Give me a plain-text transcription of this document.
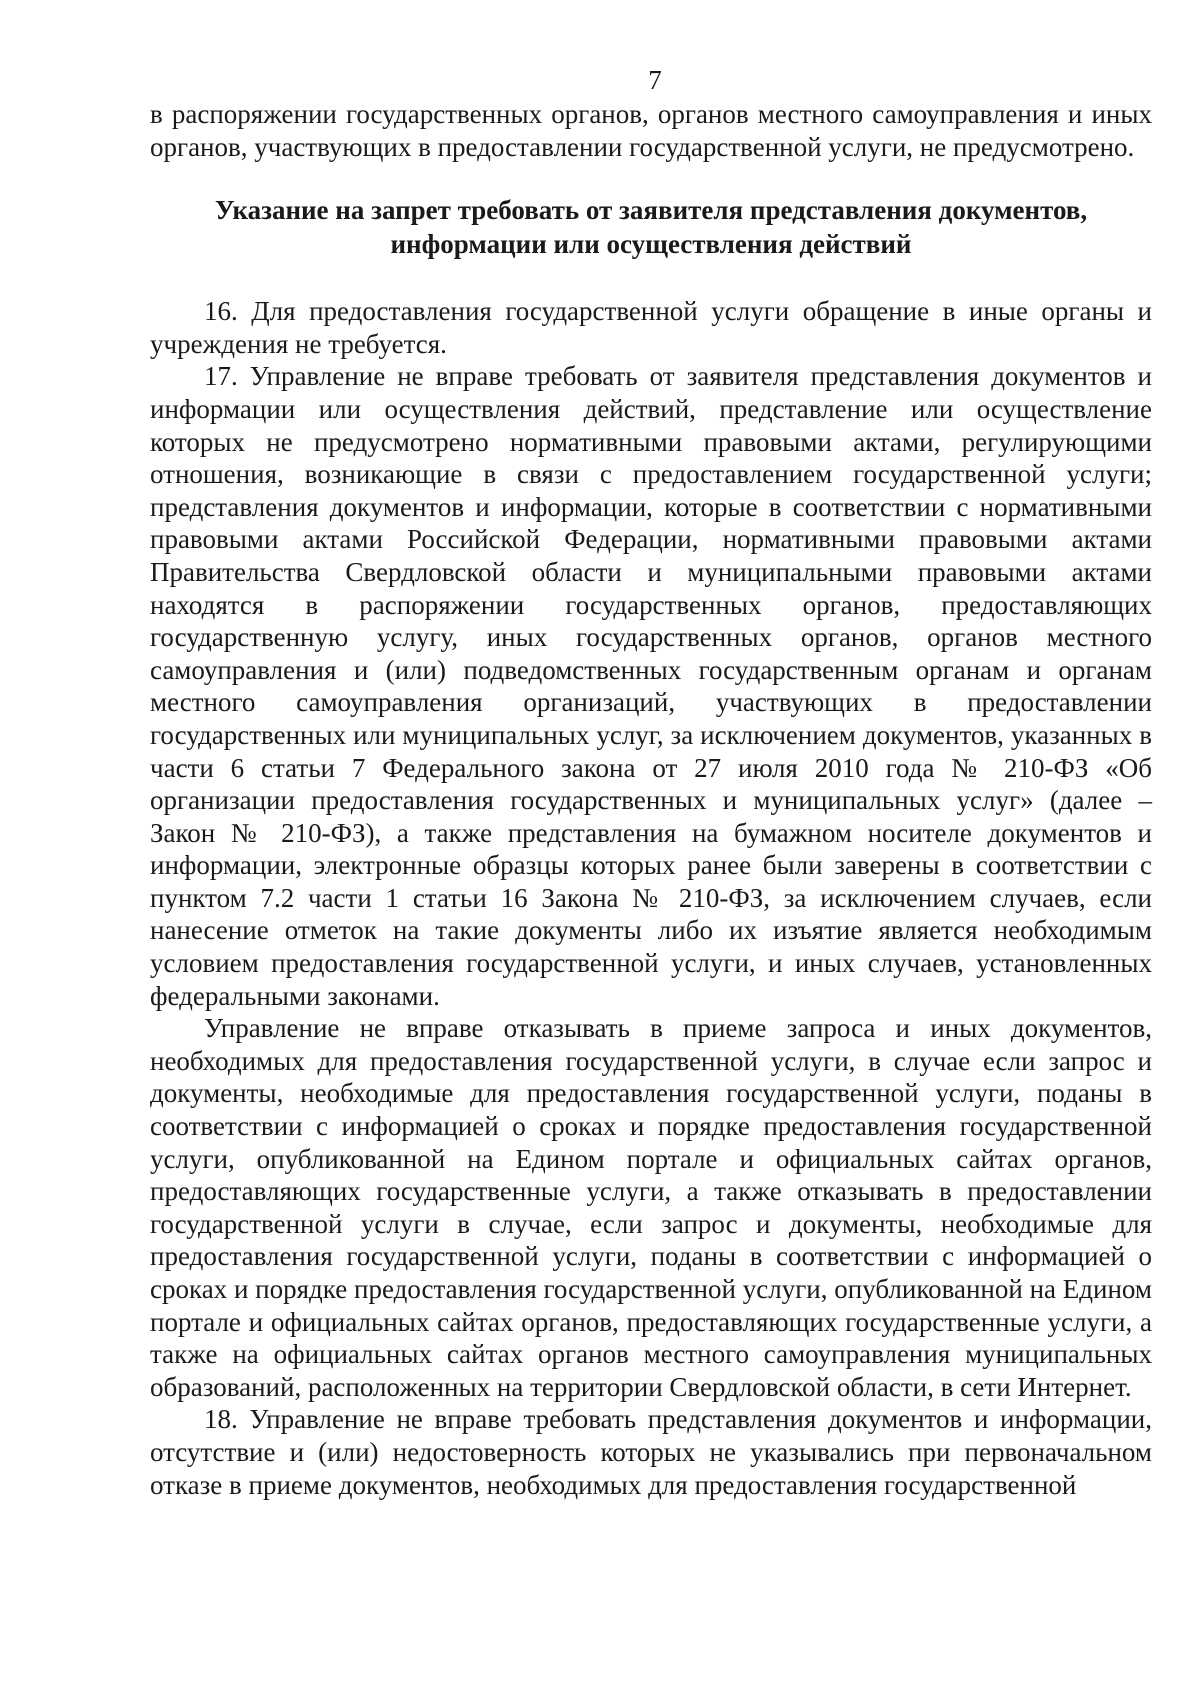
7

в распоряжении государственных органов, органов местного самоуправления и иных органов, участвующих в предоставлении государственной услуги, не предусмотрено.

Указание на запрет требовать от заявителя представления документов,
информации или осуществления действий

16. Для предоставления государственной услуги обращение в иные органы и учреждения не требуется.

17. Управление не вправе требовать от заявителя представления документов и информации или осуществления действий, представление или осуществление которых не предусмотрено нормативными правовыми актами, регулирующими отношения, возникающие в связи с предоставлением государственной услуги; представления документов и информации, которые в соответствии с нормативными правовыми актами Российской Федерации, нормативными правовыми актами Правительства Свердловской области и муниципальными правовыми актами находятся в распоряжении государственных органов, предоставляющих государственную услугу, иных государственных органов, органов местного самоуправления и (или) подведомственных государственным органам и органам местного самоуправления организаций, участвующих в предоставлении государственных или муниципальных услуг, за исключением документов, указанных в части 6 статьи 7 Федерального закона от 27 июля 2010 года № 210-ФЗ «Об организации предоставления государственных и муниципальных услуг» (далее – Закон № 210-ФЗ), а также представления на бумажном носителе документов и информации, электронные образцы которых ранее были заверены в соответствии с пунктом 7.2 части 1 статьи 16 Закона № 210-ФЗ, за исключением случаев, если нанесение отметок на такие документы либо их изъятие является необходимым условием предоставления государственной услуги, и иных случаев, установленных федеральными законами.

Управление не вправе отказывать в приеме запроса и иных документов, необходимых для предоставления государственной услуги, в случае если запрос и документы, необходимые для предоставления государственной услуги, поданы в соответствии с информацией о сроках и порядке предоставления государственной услуги, опубликованной на Едином портале и официальных сайтах органов, предоставляющих государственные услуги, а также отказывать в предоставлении государственной услуги в случае, если запрос и документы, необходимые для предоставления государственной услуги, поданы в соответствии с информацией о сроках и порядке предоставления государственной услуги, опубликованной на Едином портале и официальных сайтах органов, предоставляющих государственные услуги, а также на официальных сайтах органов местного самоуправления муниципальных образований, расположенных на территории Свердловской области, в сети Интернет.

18. Управление не вправе требовать представления документов и информации, отсутствие и (или) недостоверность которых не указывались при первоначальном отказе в приеме документов, необходимых для предоставления государственной
